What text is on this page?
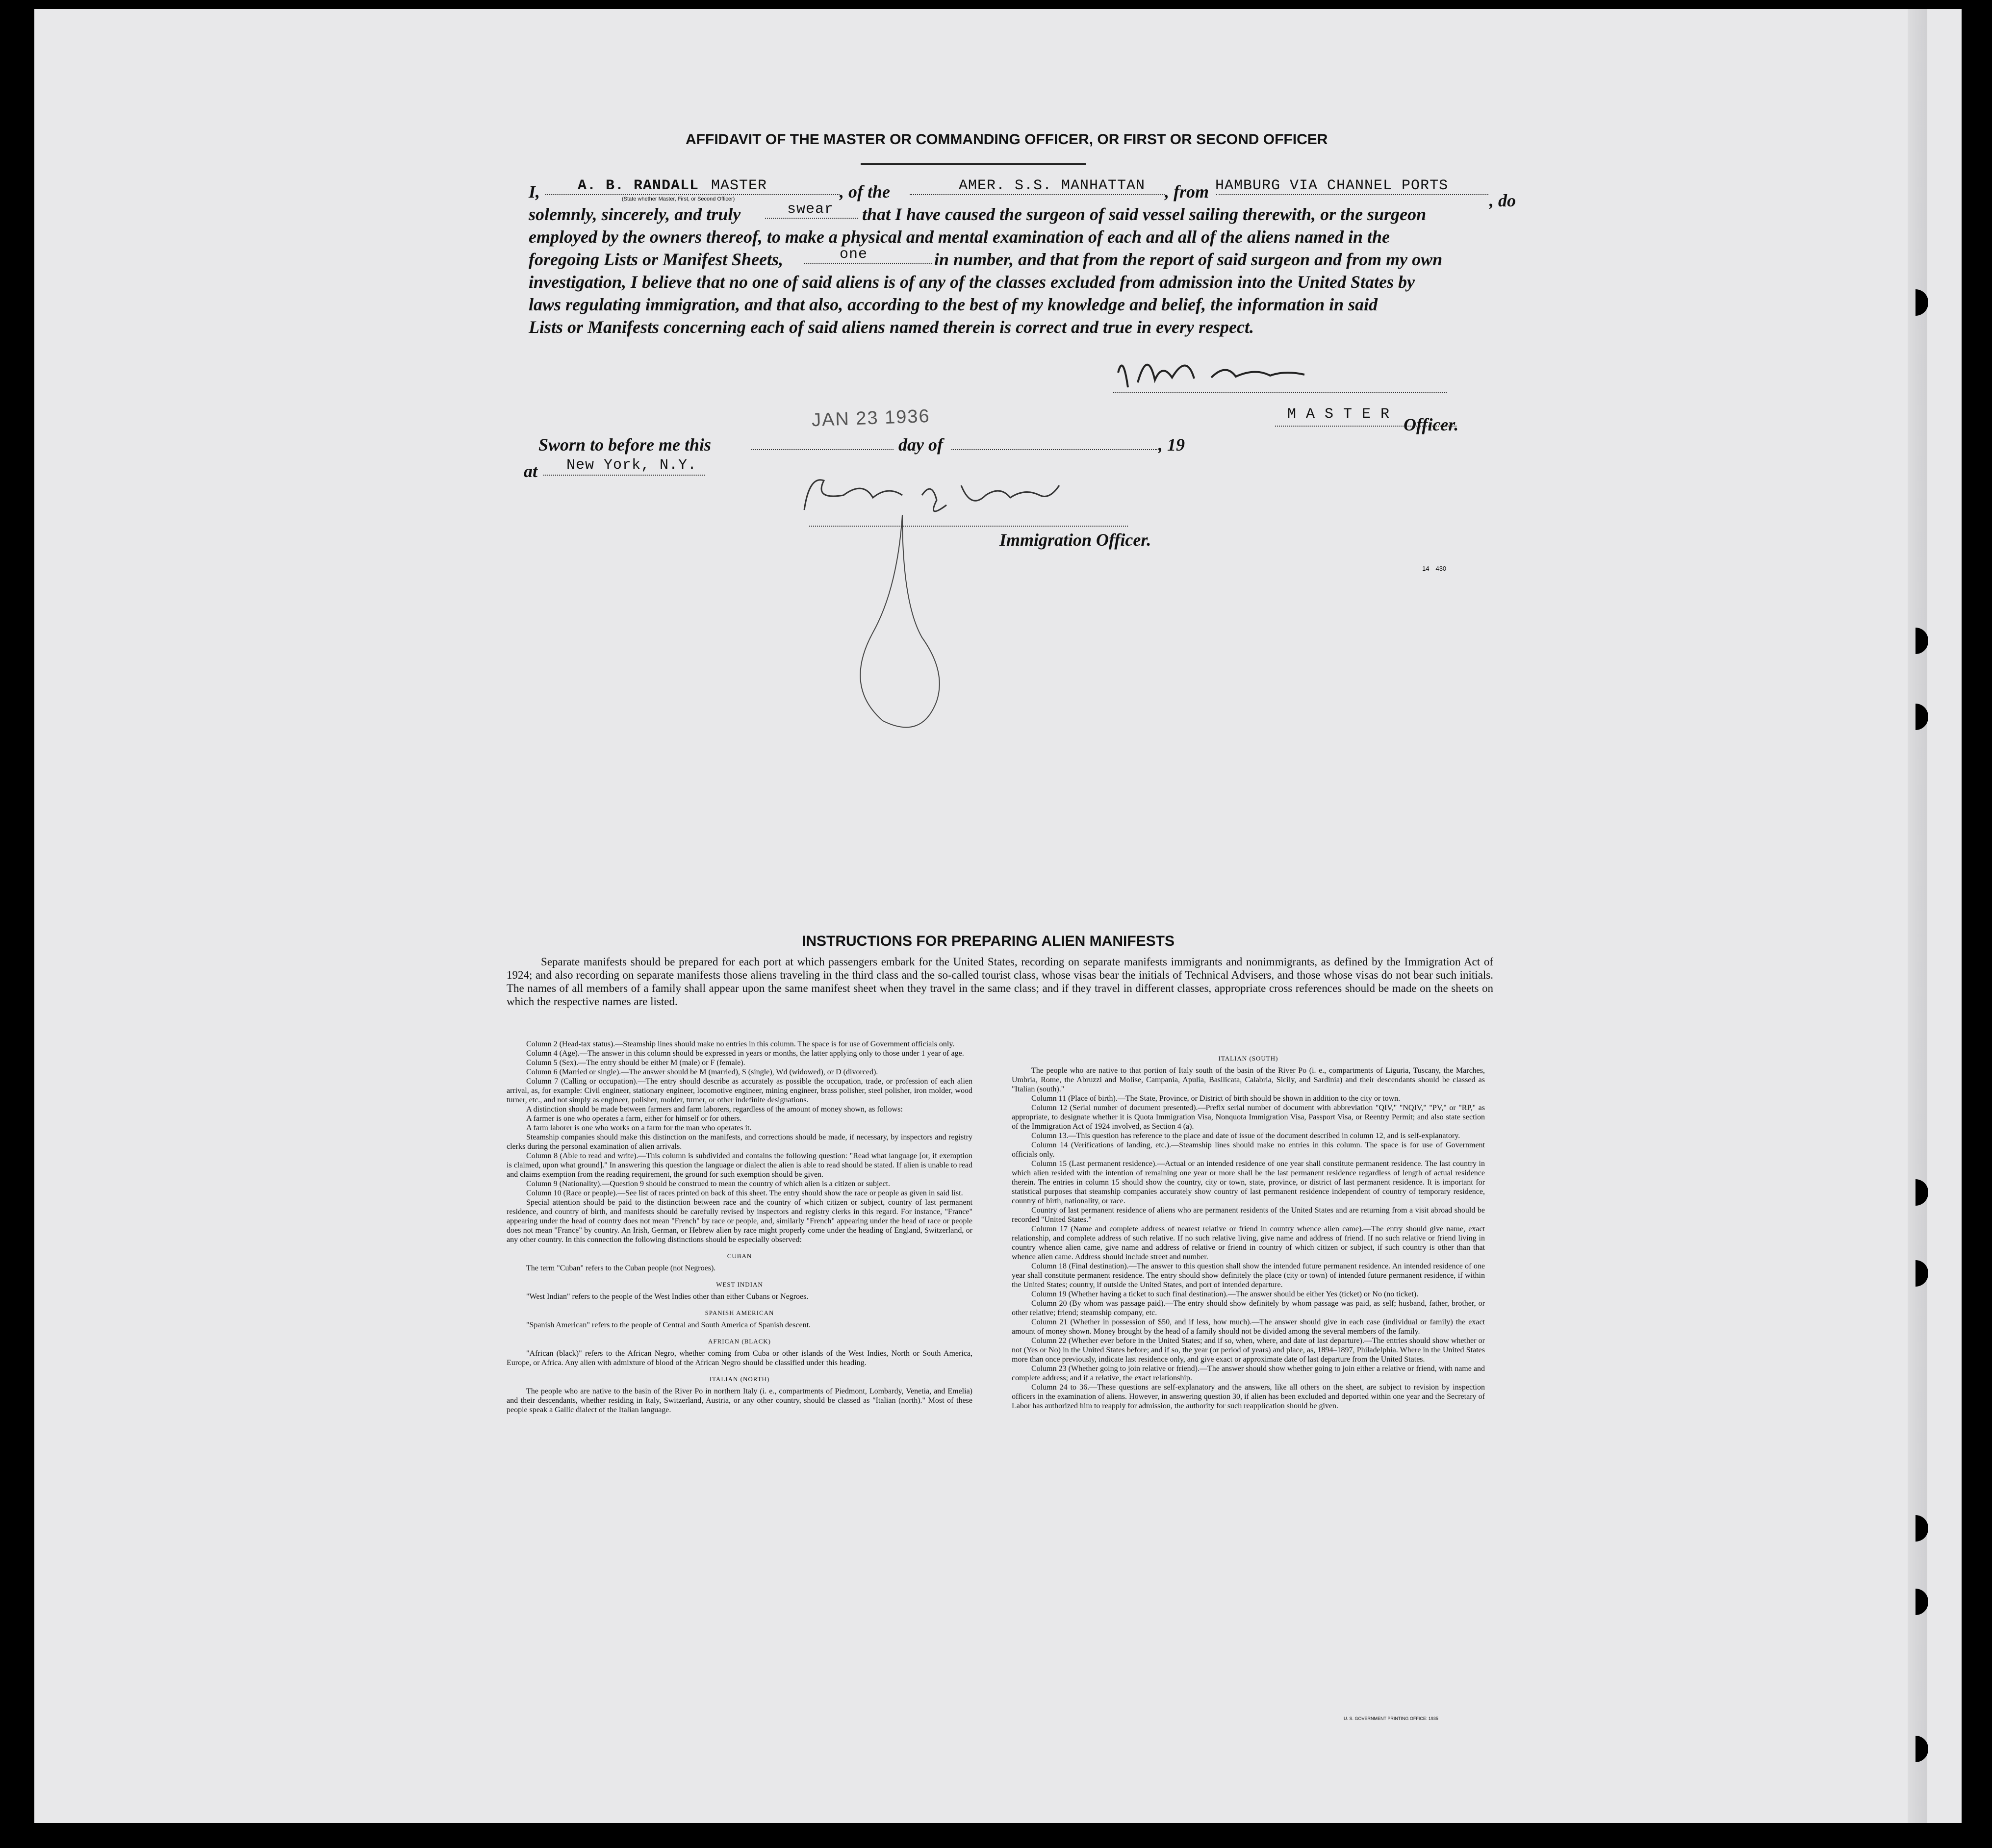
AFFIDAVIT OF THE MASTER OR COMMANDING OFFICER, OR FIRST OR SECOND OFFICER
I,	A. B. RANDALL MASTER
(State whether Master, First, or Second Officer)	, of the	AMER. S.S. MANHATTAN , from HAMBURG VIA CHANNEL PORTS
, do
solemnly, sincerely, and truly	swear that I have caused the surgeon of said vessel sailing therewith, or the surgeon
employed by the owners thereof, to make a physical and mental examination of each and all of the aliens named in the
foregoing Lists or Manifest Sheets,	one	in number, and that from the report of said surgeon and from my own
investigation, I believe that no one of said aliens is of any of the classes excluded from admission into the United States by
laws regulating immigration, and that also, according to the best of my knowledge and belief, the information in said
Lists or Manifests concerning each of said aliens named therein is correct and true in every respect.
M A S T E R
Officer.
Sworn to before me this
JAN 23 1936
day of	, 19
at New York, N.Y.
Immigration Officer.
14—430
INSTRUCTIONS FOR PREPARING ALIEN MANIFESTS
Separate manifests should be prepared for each port at which passengers embark for the United States, recording on separate manifests immigrants and nonimmigrants, as defined by the Immigration Act of 1924; and also recording on separate manifests those aliens traveling in the third class and the so-called tourist class, whose visas bear the initials of Technical Advisers, and those whose visas do not bear such initials. The names of all members of a family shall appear upon the same manifest sheet when they travel in the same class; and if they travel in different classes, appropriate cross references should be made on the sheets on which the respective names are listed.

Column 2 (Head-tax status).—Steamship lines should make no entries in this column. The space is for use of Government officials only.

Column 4 (Age).—The answer in this column should be expressed in years or months, the latter applying only to those under 1 year of age.

Column 5 (Sex).—The entry should be either M (male) or F (female).

Column 6 (Married or single).—The answer should be M (married), S (single), Wd (widowed), or D (divorced).

Column 7 (Calling or occupation).—The entry should describe as accurately as possible the occupation, trade, or profession of each alien arrival, as, for example: Civil engineer, stationary engineer, locomotive engineer, mining engineer, brass polisher, steel polisher, iron molder, wood turner, etc., and not simply as engineer, polisher, molder, turner, or other indefinite designations.

A distinction should be made between farmers and farm laborers, regardless of the amount of money shown, as follows:

A farmer is one who operates a farm, either for himself or for others.

A farm laborer is one who works on a farm for the man who operates it.

Steamship companies should make this distinction on the manifests, and corrections should be made, if necessary, by inspectors and registry clerks during the personal examination of alien arrivals.

Column 8 (Able to read and write).—This column is subdivided and contains the following question: "Read what language [or, if exemption is claimed, upon what ground]." In answering this question the language or dialect the alien is able to read should be stated. If alien is unable to read and claims exemption from the reading requirement, the ground for such exemption should be given.

Column 9 (Nationality).—Question 9 should be construed to mean the country of which alien is a citizen or subject.

Column 10 (Race or people).—See list of races printed on back of this sheet. The entry should show the race or people as given in said list.

Special attention should be paid to the distinction between race and the country of which citizen or subject, country of last permanent residence, and country of birth, and manifests should be carefully revised by inspectors and registry clerks in this regard. For instance, "France" appearing under the head of country does not mean "French" by race or people, and, similarly "French" appearing under the head of race or people does not mean "France" by country. An Irish, German, or Hebrew alien by race might properly come under the heading of England, Switzerland, or any other country. In this connection the following distinctions should be especially observed:

CUBAN

The term "Cuban" refers to the Cuban people (not Negroes).

WEST INDIAN

"West Indian" refers to the people of the West Indies other than either Cubans or Negroes.

SPANISH AMERICAN

"Spanish American" refers to the people of Central and South America of Spanish descent.

AFRICAN (BLACK)

"African (black)" refers to the African Negro, whether coming from Cuba or other islands of the West Indies, North or South America, Europe, or Africa. Any alien with admixture of blood of the African Negro should be classified under this heading.

ITALIAN (NORTH)

The people who are native to the basin of the River Po in northern Italy (i. e., compartments of Piedmont, Lombardy, Venetia, and Emelia) and their descendants, whether residing in Italy, Switzerland, Austria, or any other country, should be classed as "Italian (north)." Most of these people speak a Gallic dialect of the Italian language.

ITALIAN (SOUTH)

The people who are native to that portion of Italy south of the basin of the River Po (i. e., compartments of Liguria, Tuscany, the Marches, Umbria, Rome, the Abruzzi and Molise, Campania, Apulia, Basilicata, Calabria, Sicily, and Sardinia) and their descendants should be classed as "Italian (south)."

Column 11 (Place of birth).—The State, Province, or District of birth should be shown in addition to the city or town.

Column 12 (Serial number of document presented).—Prefix serial number of document with abbreviation "QIV," "NQIV," "PV," or "RP," as appropriate, to designate whether it is Quota Immigration Visa, Nonquota Immigration Visa, Passport Visa, or Reentry Permit; and also state section of the Immigration Act of 1924 involved, as Section 4 (a).

Column 13.—This question has reference to the place and date of issue of the document described in column 12, and is self-explanatory.

Column 14 (Verifications of landing, etc.).—Steamship lines should make no entries in this column. The space is for use of Government officials only.

Column 15 (Last permanent residence).—Actual or an intended residence of one year shall constitute permanent residence. The last country in which alien resided with the intention of remaining one year or more shall be the last permanent residence regardless of length of actual residence therein. The entries in column 15 should show the country, city or town, state, province, or district of last permanent residence. It is important for statistical purposes that steamship companies accurately show country of last permanent residence independent of country of temporary residence, country of birth, nationality, or race.

Country of last permanent residence of aliens who are permanent residents of the United States and are returning from a visit abroad should be recorded "United States."

Column 17 (Name and complete address of nearest relative or friend in country whence alien came).—The entry should give name, exact relationship, and complete address of such relative. If no such relative living, give name and address of friend. If no such relative or friend living in country whence alien came, give name and address of relative or friend in country of which citizen or subject, if such country is other than that whence alien came. Address should include street and number.

Column 18 (Final destination).—The answer to this question shall show the intended future permanent residence. An intended residence of one year shall constitute permanent residence. The entry should show definitely the place (city or town) of intended future permanent residence, if within the United States; country, if outside the United States, and port of intended departure.

Column 19 (Whether having a ticket to such final destination).—The answer should be either Yes (ticket) or No (no ticket).

Column 20 (By whom was passage paid).—The entry should show definitely by whom passage was paid, as self; husband, father, brother, or other relative; friend; steamship company, etc.

Column 21 (Whether in possession of $50, and if less, how much).—The answer should give in each case (individual or family) the exact amount of money shown. Money brought by the head of a family should not be divided among the several members of the family.

Column 22 (Whether ever before in the United States; and if so, when, where, and date of last departure).—The entries should show whether or not (Yes or No) in the United States before; and if so, the year (or period of years) and place, as, 1894–1897, Philadelphia. Where in the United States more than once previously, indicate last residence only, and give exact or approximate date of last departure from the United States.

Column 23 (Whether going to join relative or friend).—The answer should show whether going to join either a relative or friend, with name and complete address; and if a relative, the exact relationship.

Column 24 to 36.—These questions are self-explanatory and the answers, like all others on the sheet, are subject to revision by inspection officers in the examination of aliens. However, in answering question 30, if alien has been excluded and deported within one year and the Secretary of Labor has authorized him to reapply for admission, the authority for such reapplication should be given.

U. S. GOVERNMENT PRINTING OFFICE: 1935
